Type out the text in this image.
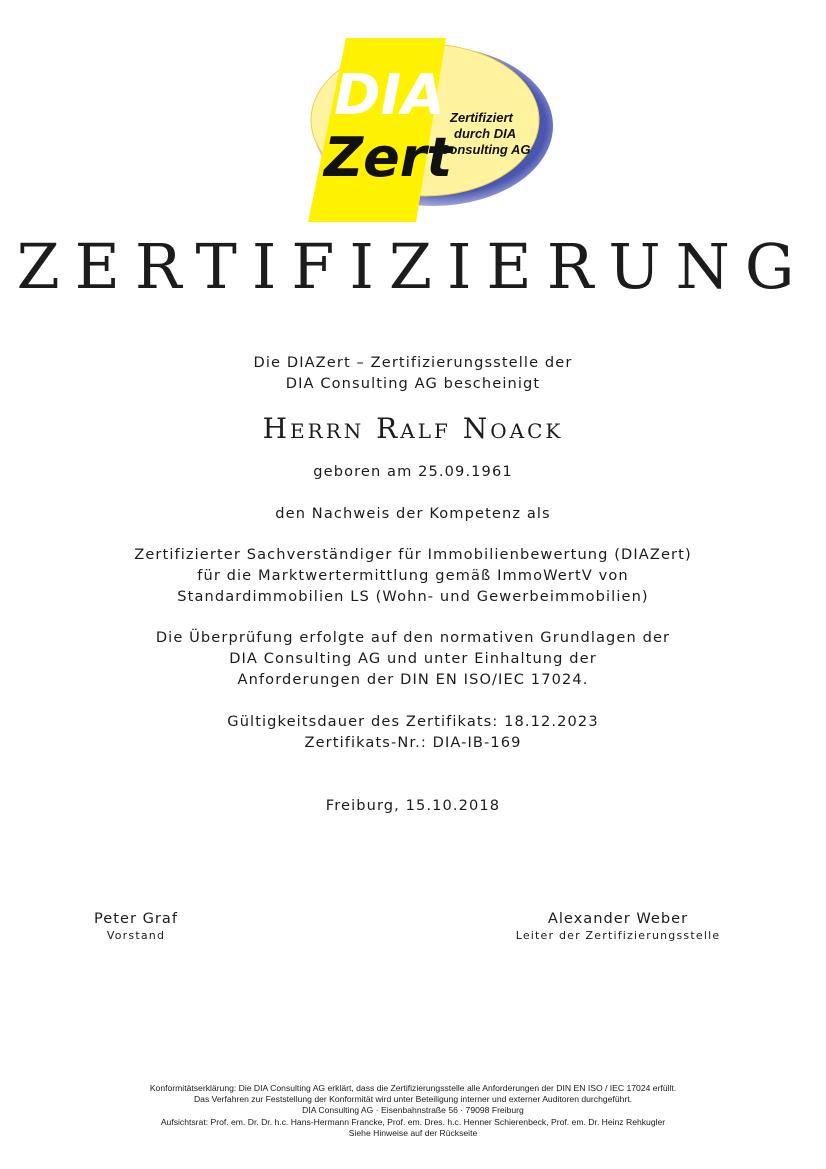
DIA
Zert
Zertifiziert
durch DIA
Consulting AG
ZERTIFIZIERUNG
Die DIAZert – Zertifizierungsstelle der
DIA Consulting AG bescheinigt
Herrn Ralf Noack
geboren am 25.09.1961
den Nachweis der Kompetenz als
Zertifizierter Sachverständiger für Immobilienbewertung (DIAZert)
für die Marktwertermittlung gemäß ImmoWertV von
Standardimmobilien LS (Wohn- und Gewerbeimmobilien)
Die Überprüfung erfolgte auf den normativen Grundlagen der
DIA Consulting AG und unter Einhaltung der
Anforderungen der DIN EN ISO/IEC 17024.
Gültigkeitsdauer des Zertifikats: 18.12.2023
Zertifikats-Nr.: DIA-IB-169
Freiburg, 15.10.2018
Peter Graf
Vorstand
Alexander Weber
Leiter der Zertifizierungsstelle
Konformitätserklärung: Die DIA Consulting AG erklärt, dass die Zertifizierungsstelle alle Anforderungen der DIN EN ISO / IEC 17024 erfüllt.
Das Verfahren zur Feststellung der Konformität wird unter Beteiligung interner und externer Auditoren durchgeführt.
DIA Consulting AG · Eisenbahnstraße 56 · 79098 Freiburg
Aufsichtsrat: Prof. em. Dr. Dr. h.c. Hans-Hermann Francke, Prof. em. Dres. h.c. Henner Schierenbeck, Prof. em. Dr. Heinz Rehkugler
Siehe Hinweise auf der Rückseite
